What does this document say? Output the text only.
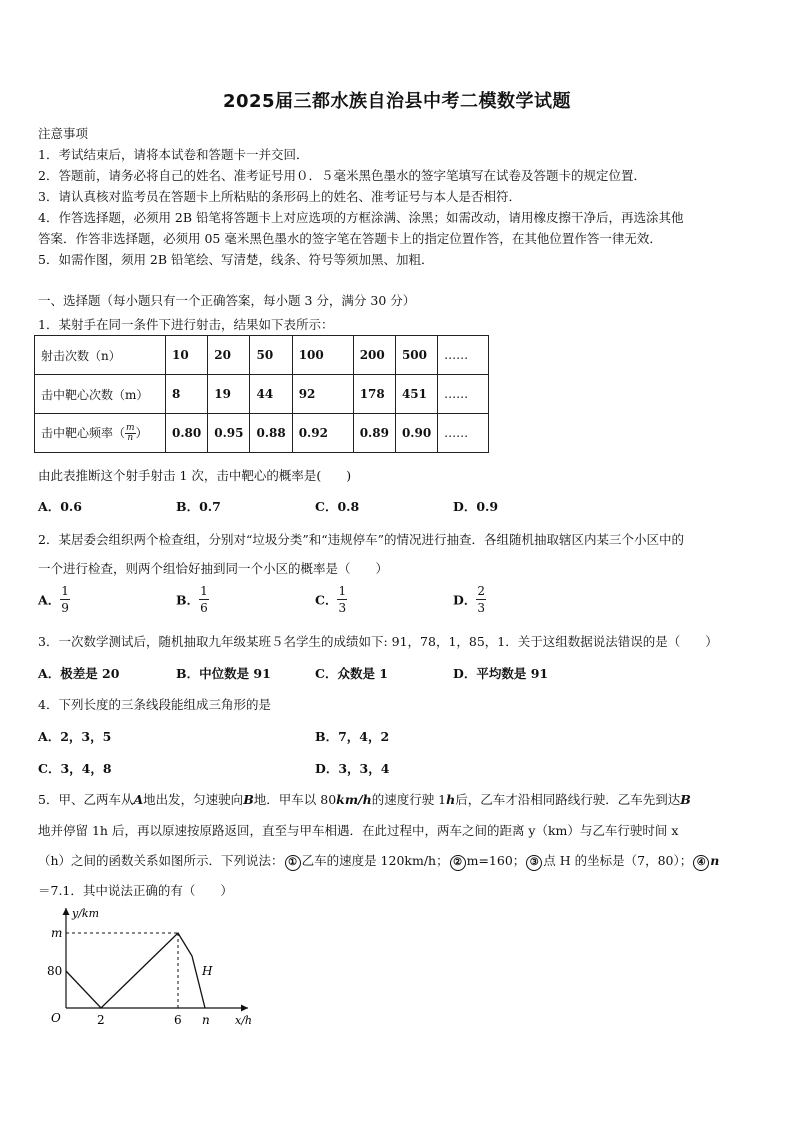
2025届三都水族自治县中考二模数学试题
注意事项
1．考试结束后，请将本试卷和答题卡一并交回．
2．答题前，请务必将自己的姓名、准考证号用０．５毫米黑色墨水的签字笔填写在试卷及答题卡的规定位置．
3．请认真核对监考员在答题卡上所粘贴的条形码上的姓名、准考证号与本人是否相符．
4．作答选择题，必须用 2B 铅笔将答题卡上对应选项的方框涂满、涂黑；如需改动，请用橡皮擦干净后，再选涂其他
答案．作答非选择题，必须用 05 毫米黑色墨水的签字笔在答题卡上的指定位置作答，在其他位置作答一律无效．
5．如需作图，须用 2B 铅笔绘、写清楚，线条、符号等须加黑、加粗．
一、选择题（每小题只有一个正确答案，每小题 3 分，满分 30 分）
1．某射手在同一条件下进行射击，结果如下表所示：
射击次数（n）	10	20	50	100	200	500	……
击中靶心次数（m）	8	19	44	92	178	451	……
击中靶心频率（ $\frac{m}{n}$ ）	0.80	0.95	0.88	0.92	0.89	0.90	……
由此表推断这个射手射击 1 次，击中靶心的概率是(　　)
A．0.6	B．0.7	C．0.8	D．0.9
2．某居委会组织两个检查组，分别对“垃圾分类”和“违规停车”的情况进行抽查．各组随机抽取辖区内某三个小区中的
一个进行检查，则两个组恰好抽到同一个小区的概率是（　　）
A． $\frac{1}{9}$	B． $\frac{1}{6}$	C． $\frac{1}{3}$	D． $\frac{2}{3}$
3．一次数学测试后，随机抽取九年级某班５名学生的成绩如下: 91，78，1，85，1．关于这组数据说法错误的是（　　）
A．极差是 20	B．中位数是 91	C．众数是 1	D．平均数是 91
4．下列长度的三条线段能组成三角形的是
A．2，3，5	B．7，4，2
C．3，4，8	D．3，3，4
5．甲、乙两车从A地出发，匀速驶向B地．甲车以 80km/h的速度行驶 1h后，乙车才沿相同路线行驶．乙车先到达B
地并停留 1h 后，再以原速按原路返回，直至与甲车相遇．在此过程中，两车之间的距离 y（km）与乙车行驶时间 x
（h）之间的函数关系如图所示．下列说法： ① 乙车的速度是 120km/h； ② m=160； ③ 点 H 的坐标是（7，80）； ④ n
＝7.1．其中说法正确的有（　　）
y/km
x/h
O
m
80
2	6 n
H
